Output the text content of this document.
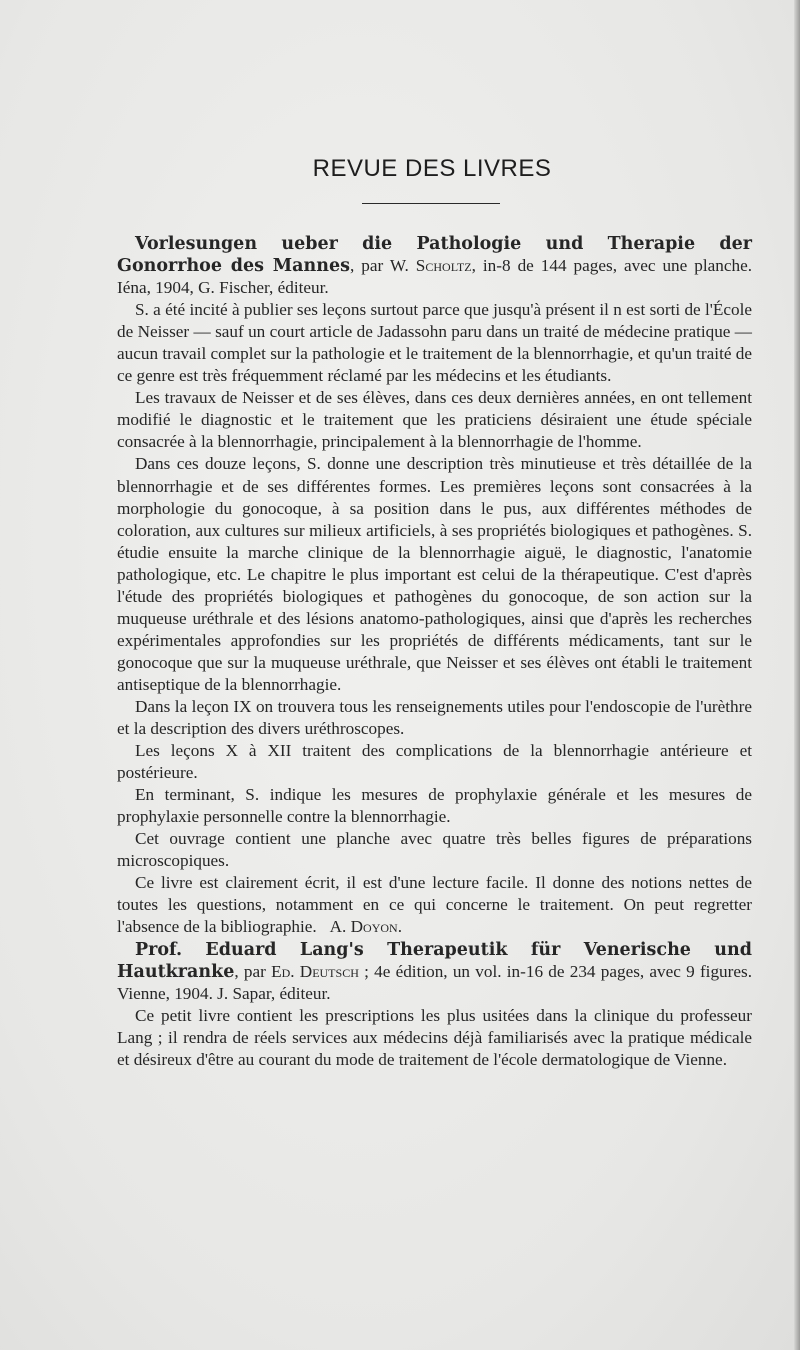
REVUE DES LIVRES

Vorlesungen ueber die Pathologie und Therapie der Gonorrhoe des Mannes, par W. Scholtz, in-8 de 144 pages, avec une planche. Iéna, 1904, G. Fischer, éditeur.

S. a été incité à publier ses leçons surtout parce que jusqu'à présent il n est sorti de l'École de Neisser — sauf un court article de Jadassohn paru dans un traité de médecine pratique — aucun travail complet sur la pathologie et le traitement de la blennorrhagie, et qu'un traité de ce genre est très fréquemment réclamé par les médecins et les étudiants.

Les travaux de Neisser et de ses élèves, dans ces deux dernières années, en ont tellement modifié le diagnostic et le traitement que les praticiens désiraient une étude spéciale consacrée à la blennorrhagie, principalement à la blennorrhagie de l'homme.

Dans ces douze leçons, S. donne une description très minutieuse et très détaillée de la blennorrhagie et de ses différentes formes. Les premières leçons sont consacrées à la morphologie du gonocoque, à sa position dans le pus, aux différentes méthodes de coloration, aux cultures sur milieux artificiels, à ses propriétés biologiques et pathogènes. S. étudie ensuite la marche clinique de la blennorrhagie aiguë, le diagnostic, l'anatomie pathologique, etc. Le chapitre le plus important est celui de la thérapeutique. C'est d'après l'étude des propriétés biologiques et pathogènes du gonocoque, de son action sur la muqueuse uréthrale et des lésions anatomo-pathologiques, ainsi que d'après les recherches expérimentales approfondies sur les propriétés de différents médicaments, tant sur le gonocoque que sur la muqueuse uréthrale, que Neisser et ses élèves ont établi le traitement antiseptique de la blennorrhagie.

Dans la leçon IX on trouvera tous les renseignements utiles pour l'endoscopie de l'urèthre et la description des divers uréthroscopes.

Les leçons X à XII traitent des complications de la blennorrhagie antérieure et postérieure.

En terminant, S. indique les mesures de prophylaxie générale et les mesures de prophylaxie personnelle contre la blennorrhagie.

Cet ouvrage contient une planche avec quatre très belles figures de préparations microscopiques.

Ce livre est clairement écrit, il est d'une lecture facile. Il donne des notions nettes de toutes les questions, notamment en ce qui concerne le traitement. On peut regretter l'absence de la bibliographie. A. Doyon.

Prof. Eduard Lang's Therapeutik für Venerische und Hautkranke, par Ed. Deutsch ; 4e édition, un vol. in-16 de 234 pages, avec 9 figures. Vienne, 1904. J. Sapar, éditeur.

Ce petit livre contient les prescriptions les plus usitées dans la clinique du professeur Lang ; il rendra de réels services aux médecins déjà familiarisés avec la pratique médicale et désireux d'être au courant du mode de traitement de l'école dermatologique de Vienne.
